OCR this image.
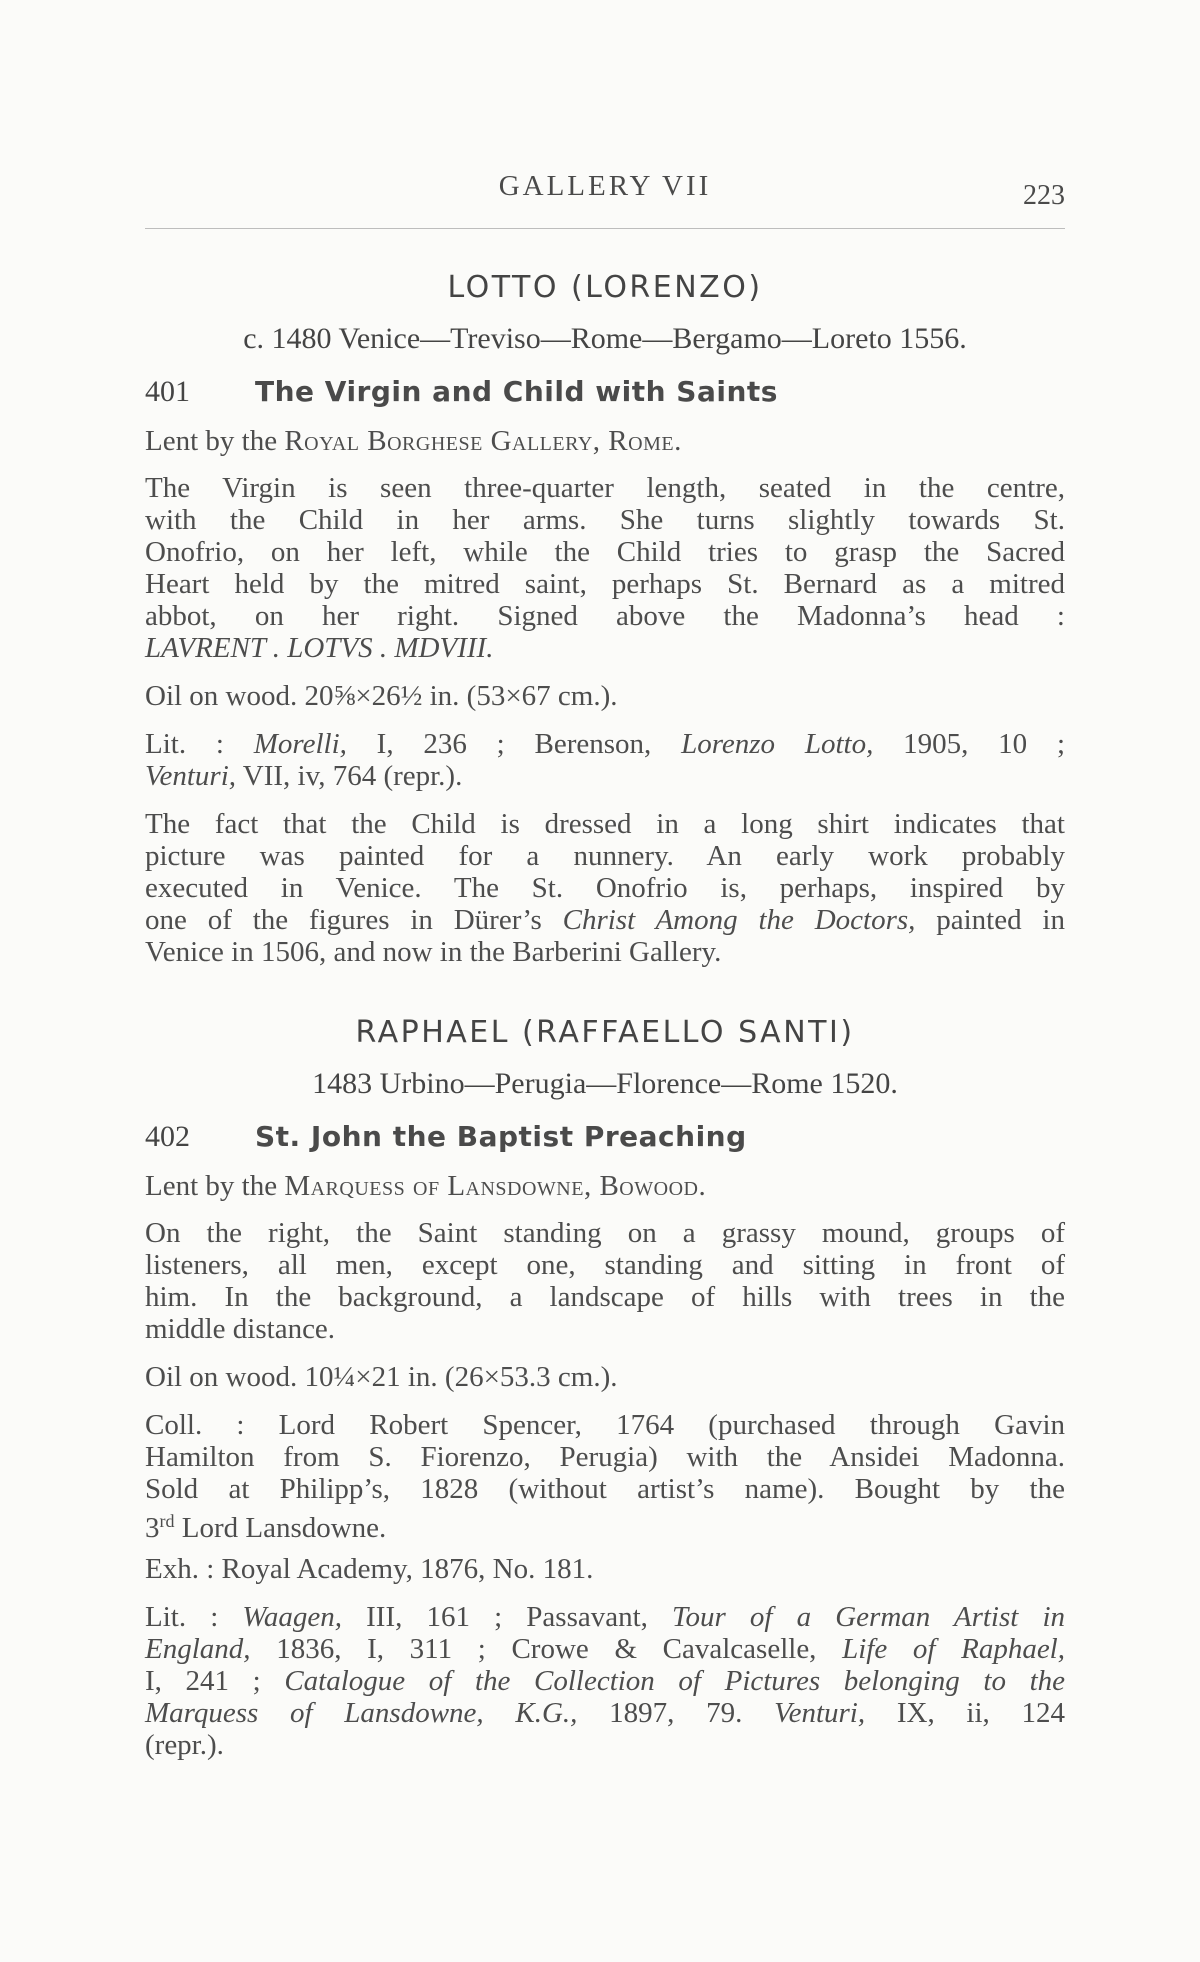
GALLERY VII	223
LOTTO (LORENZO)
c. 1480 Venice—Treviso—Rome—Bergamo—Loreto 1556.
401 The Virgin and Child with Saints
Lent by the Royal Borghese Gallery, Rome.
The Virgin is seen three-quarter length, seated in the centre,
with the Child in her arms. She turns slightly towards St.
Onofrio, on her left, while the Child tries to grasp the Sacred
Heart held by the mitred saint, perhaps St. Bernard as a mitred
abbot, on her right. Signed above the Madonna’s head :
LAVRENT . LOTVS . MDVIII.
Oil on wood. 20⅝×26½ in. (53×67 cm.).
Lit. : Morelli, I, 236 ; Berenson, Lorenzo Lotto, 1905, 10 ;
Venturi, VII, iv, 764 (repr.).
The fact that the Child is dressed in a long shirt indicates that
picture was painted for a nunnery. An early work probably
executed in Venice. The St. Onofrio is, perhaps, inspired by
one of the figures in Dürer’s Christ Among the Doctors, painted in
Venice in 1506, and now in the Barberini Gallery.
RAPHAEL (RAFFAELLO SANTI)
1483 Urbino—Perugia—Florence—Rome 1520.
402 St. John the Baptist Preaching
Lent by the Marquess of Lansdowne, Bowood.
On the right, the Saint standing on a grassy mound, groups of
listeners, all men, except one, standing and sitting in front of
him. In the background, a landscape of hills with trees in the
middle distance.
Oil on wood. 10¼×21 in. (26×53.3 cm.).
Coll. : Lord Robert Spencer, 1764 (purchased through Gavin
Hamilton from S. Fiorenzo, Perugia) with the Ansidei Madonna.
Sold at Philipp’s, 1828 (without artist’s name). Bought by the
3rd Lord Lansdowne.
Exh. : Royal Academy, 1876, No. 181.
Lit. : Waagen, III, 161 ; Passavant, Tour of a German Artist in
England, 1836, I, 311 ; Crowe & Cavalcaselle, Life of Raphael,
I, 241 ; Catalogue of the Collection of Pictures belonging to the
Marquess of Lansdowne, K.G., 1897, 79. Venturi, IX, ii, 124
(repr.).
